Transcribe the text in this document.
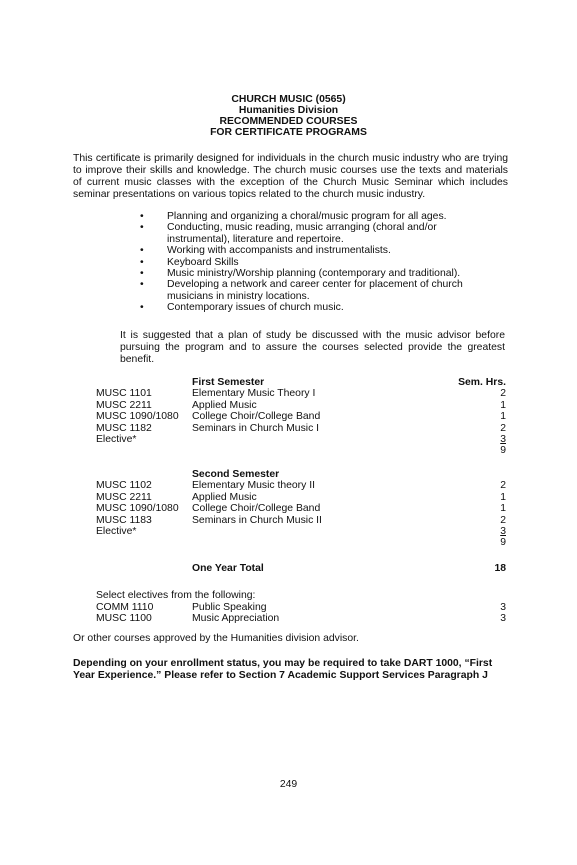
CHURCH MUSIC (0565)
Humanities Division
RECOMMENDED COURSES
FOR CERTIFICATE PROGRAMS
This certificate is primarily designed for individuals in the church music industry who are trying to improve their skills and knowledge. The church music courses use the texts and materials of current music classes with the exception of the Church Music Seminar which includes seminar presentations on various topics related to the church music industry.
• Planning and organizing a choral/music program for all ages.
• Conducting, music reading, music arranging (choral and/or instrumental), literature and repertoire.
• Working with accompanists and instrumentalists.
• Keyboard Skills
• Music ministry/Worship planning (contemporary and traditional).
• Developing a network and career center for placement of church musicians in ministry locations.
• Contemporary issues of church music.
It is suggested that a plan of study be discussed with the music advisor before pursuing the program and to assure the courses selected provide the greatest benefit.
	First Semester	Sem. Hrs.
MUSC 1101	Elementary Music Theory I	2
MUSC 2211	Applied Music	1
MUSC 1090/1080	College Choir/College Band	1
MUSC 1182	Seminars in Church Music I	2
Elective*		3
		9
	Second Semester	
MUSC 1102	Elementary Music theory II	2
MUSC 2211	Applied Music	1
MUSC 1090/1080	College Choir/College Band	1
MUSC 1183	Seminars in Church Music II	2
Elective*		3
		9
One Year Total	18
Select electives from the following:
COMM 1110	Public Speaking	3
MUSC 1100	Music Appreciation	3
Or other courses approved by the Humanities division advisor.
Depending on your enrollment status, you may be required to take DART 1000, “First Year Experience.” Please refer to Section 7 Academic Support Services Paragraph J
249
